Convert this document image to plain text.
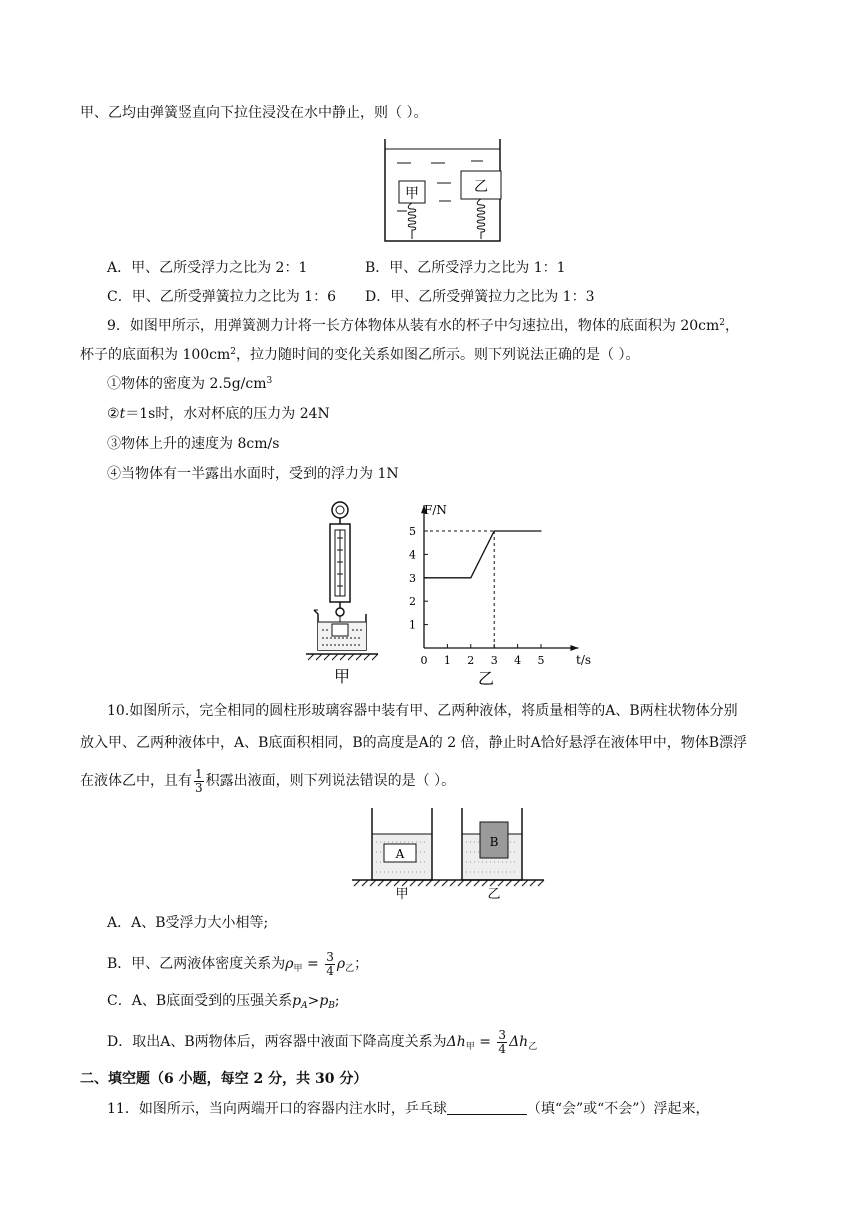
甲、乙均由弹簧竖直向下拉住浸没在水中静止，则（ ）。
甲	乙
A．甲、乙所受浮力之比为 2：1	B．甲、乙所受浮力之比为 1：1
C．甲、乙所受弹簧拉力之比为 1：6 D．甲、乙所受弹簧拉力之比为 1：3
9．如图甲所示，用弹簧测力计将一长方体物体从装有水的杯子中匀速拉出，物体的底面积为 $20cm^2$，
杯子的底面积为 $100cm^2$，拉力随时间的变化关系如图乙所示。则下列说法正确的是（ ）。
①物体的密度为 $2.5g/cm^3$
②t＝1s时，水对杯底的压力为 24N
③物体上升的速度为 8cm/s
④当物体有一半露出水面时，受到的浮力为 1N
甲
0 1 2 3 4 5
1
2
3
4
5
F/N
t/s
乙
10.如图所示，完全相同的圆柱形玻璃容器中装有甲、乙两种液体，将质量相等的A、B两柱状物体分别
放入甲、乙两种液体中，A、B底面积相同，B的高度是A的 2 倍，静止时A恰好悬浮在液体甲中，物体B漂浮
在液体乙中，且有 $\frac{1}{3}$ 积露出液面，则下列说法错误的是（ ）。
A
B
甲	乙
A．A、B受浮力大小相等;
B．甲、乙两液体密度关系为$\rho_甲 = \frac{3}{4} \rho_乙$；
C．A、B底面受到的压强关系$p_A>p_B$;
D．取出A、B两物体后，两容器中液面下降高度关系为$\Delta h_甲 = \frac{3}{4} \Delta h_乙$
二、填空题（6 小题，每空 2 分，共 30 分）
11．如图所示，当向两端开口的容器内注水时，乒乓球	（填“会”或“不会”）浮起来，
